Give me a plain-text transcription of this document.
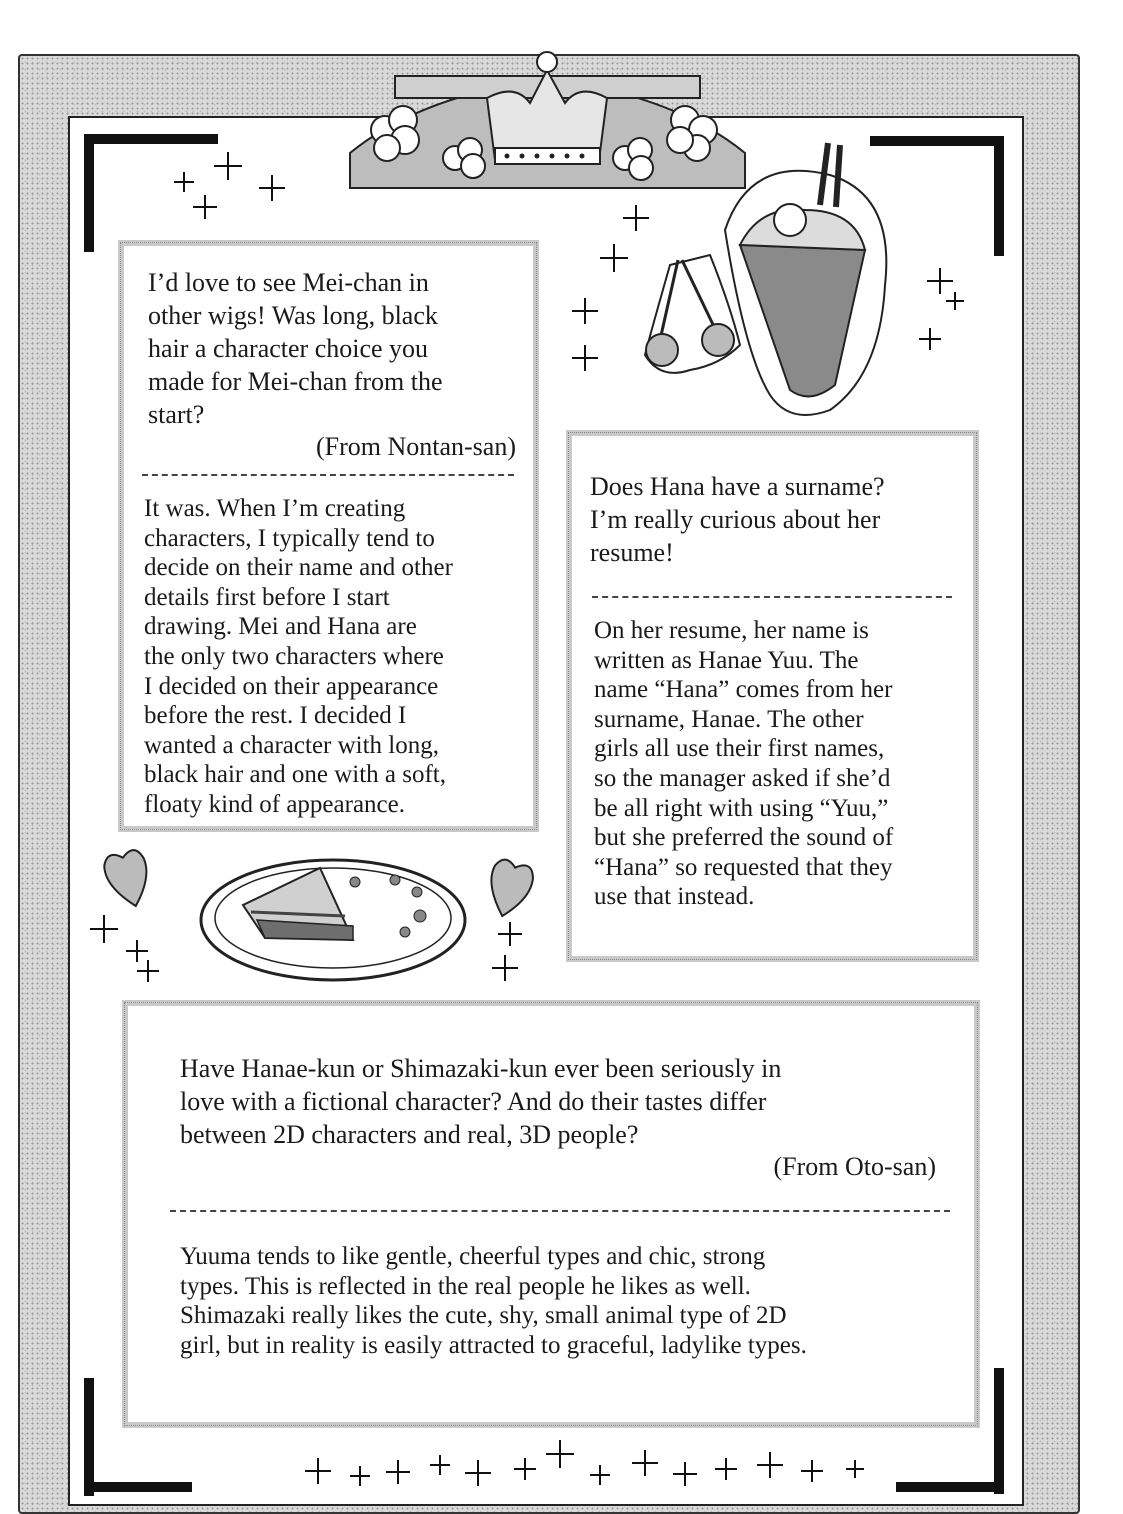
I’d love to see Mei-chan in
other wigs! Was long, black
hair a character choice you
made for Mei-chan from the
start?

(From Nontan-san)

It was. When I’m creating
characters, I typically tend to
decide on their name and other
details first before I start
drawing. Mei and Hana are
the only two characters where
I decided on their appearance
before the rest. I decided I
wanted a character with long,
black hair and one with a soft,
floaty kind of appearance.

Does Hana have a surname?
I’m really curious about her
resume!

On her resume, her name is
written as Hanae Yuu. The
name “Hana” comes from her
surname, Hanae. The other
girls all use their first names,
so the manager asked if she’d
be all right with using “Yuu,”
but she preferred the sound of
“Hana” so requested that they
use that instead.

Have Hanae-kun or Shimazaki-kun ever been seriously in
love with a fictional character? And do their tastes differ
between 2D characters and real, 3D people?

(From Oto-san)

Yuuma tends to like gentle, cheerful types and chic, strong
types. This is reflected in the real people he likes as well.
Shimazaki really likes the cute, shy, small animal type of 2D
girl, but in reality is easily attracted to graceful, ladylike types.
